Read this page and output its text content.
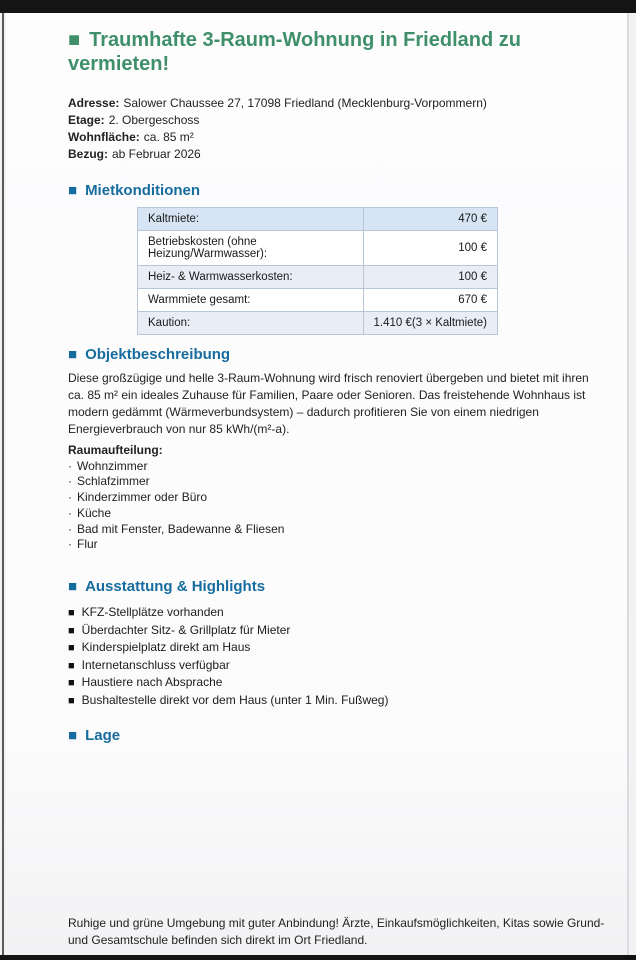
■ Traumhafte 3-Raum-Wohnung in Friedland zu vermieten!
Adresse: Salower Chaussee 27, 17098 Friedland (Mecklenburg-Vorpommern)
Etage: 2. Obergeschoss
Wohnfläche: ca. 85 m²
Bezug: ab Februar 2026
■ Mietkonditionen
Kaltmiete:	470 €
Betriebskosten (ohne Heizung/Warmwasser):	100 €
Heiz- & Warmwasserkosten:	100 €
Warmmiete gesamt:	670 €
Kaution:	1.410 €(3 × Kaltmiete)
■ Objektbeschreibung

Diese großzügige und helle 3-Raum-Wohnung wird frisch renoviert übergeben und bietet mit ihren ca. 85 m² ein ideales Zuhause für Familien, Paare oder Senioren. Das freistehende Wohnhaus ist modern gedämmt (Wärmeverbundsystem) – dadurch profitieren Sie von einem niedrigen Energieverbrauch von nur 85 kWh/(m²-a).

Raumaufteilung:
· Wohnzimmer
· Schlafzimmer
· Kinderzimmer oder Büro
· Küche
· Bad mit Fenster, Badewanne & Fliesen
· Flur
■ Ausstattung & Highlights
■ KFZ-Stellplätze vorhanden
■ Überdachter Sitz- & Grillplatz für Mieter
■ Kinderspielplatz direkt am Haus
■ Internetanschluss verfügbar
■ Haustiere nach Absprache
■ Bushaltestelle direkt vor dem Haus (unter 1 Min. Fußweg)
■ Lage

Ruhige und grüne Umgebung mit guter Anbindung! Ärzte, Einkaufsmöglichkeiten, Kitas sowie Grund- und Gesamtschule befinden sich direkt im Ort Friedland.
